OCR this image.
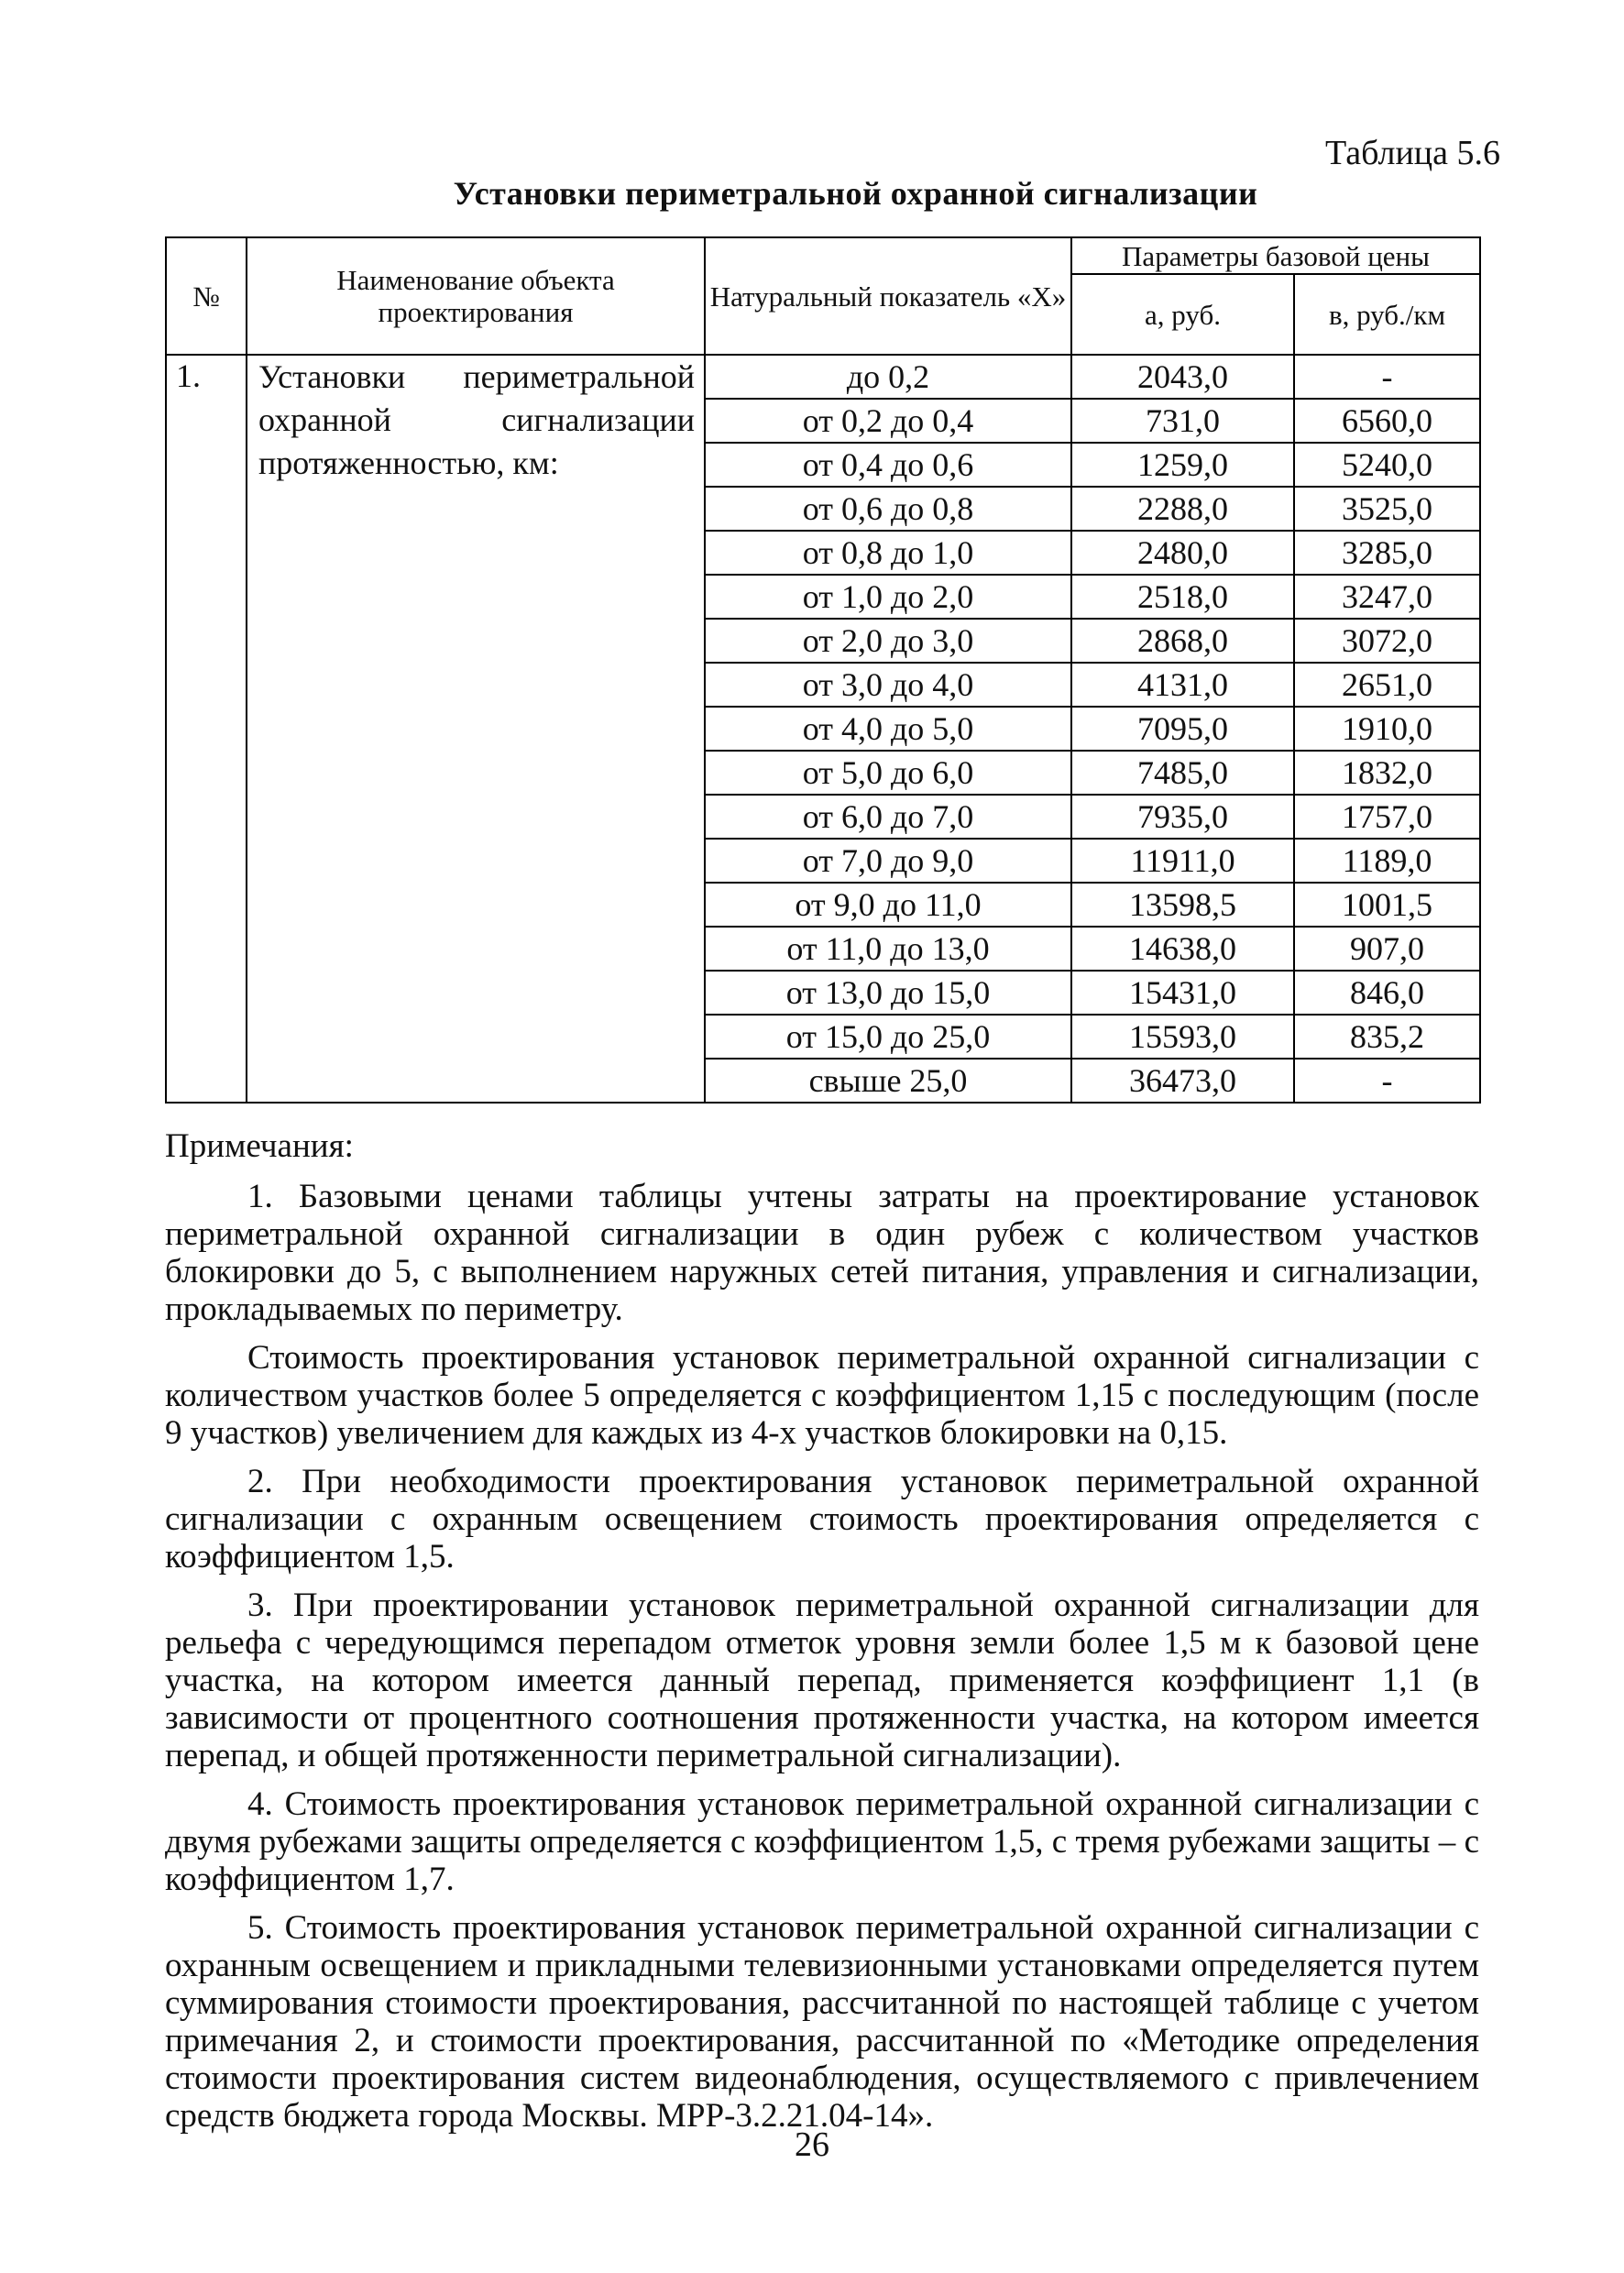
Таблица 5.6
Установки периметральной охранной сигнализации
№	Наименование объекта проектирования	Натуральный показатель «Х»	Параметры базовой цены	
			а, руб.	в, руб./км
1.	Установки периметральной охранной сигнализации протяженностью, км:	до 0,2	2043,0	-
		от 0,2 до 0,4	731,0	6560,0
		от 0,4 до 0,6	1259,0	5240,0
		от 0,6 до 0,8	2288,0	3525,0
		от 0,8 до 1,0	2480,0	3285,0
		от 1,0 до 2,0	2518,0	3247,0
		от 2,0 до 3,0	2868,0	3072,0
		от 3,0 до 4,0	4131,0	2651,0
		от 4,0 до 5,0	7095,0	1910,0
		от 5,0 до 6,0	7485,0	1832,0
		от 6,0 до 7,0	7935,0	1757,0
		от 7,0 до 9,0	11911,0	1189,0
		от 9,0 до 11,0	13598,5	1001,5
		от 11,0 до 13,0	14638,0	907,0
		от 13,0 до 15,0	15431,0	846,0
		от 15,0 до 25,0	15593,0	835,2
		свыше 25,0	36473,0	-

Примечания:

1. Базовыми ценами таблицы учтены затраты на проектирование установок периметральной охранной сигнализации в один рубеж с количеством участков блокировки до 5, с выполнением наружных сетей питания, управления и сигнализации, прокладываемых по периметру.

Стоимость проектирования установок периметральной охранной сигнализации с количеством участков более 5 определяется с коэффициентом 1,15 с последующим (после 9 участков) увеличением для каждых из 4-х участков блокировки на 0,15.

2. При необходимости проектирования установок периметральной охранной сигнализации с охранным освещением стоимость проектирования определяется с коэффициентом 1,5.

3. При проектировании установок периметральной охранной сигнализации для рельефа с чередующимся перепадом отметок уровня земли более 1,5 м к базовой цене участка, на котором имеется данный перепад, применяется коэффициент 1,1 (в зависимости от процентного соотношения протяженности участка, на котором имеется перепад, и общей протяженности периметральной сигнализации).

4. Стоимость проектирования установок периметральной охранной сигнализации с двумя рубежами защиты определяется с коэффициентом 1,5, с тремя рубежами защиты – с коэффициентом 1,7.

5. Стоимость проектирования установок периметральной охранной сигнализации с охранным освещением и прикладными телевизионными установками определяется путем суммирования стоимости проектирования, рассчитанной по настоящей таблице с учетом примечания 2, и стоимости проектирования, рассчитанной по «Методике определения стоимости проектирования систем видеонаблюдения, осуществляемого с привлечением средств бюджета города Москвы. МРР-3.2.21.04-14».

26
